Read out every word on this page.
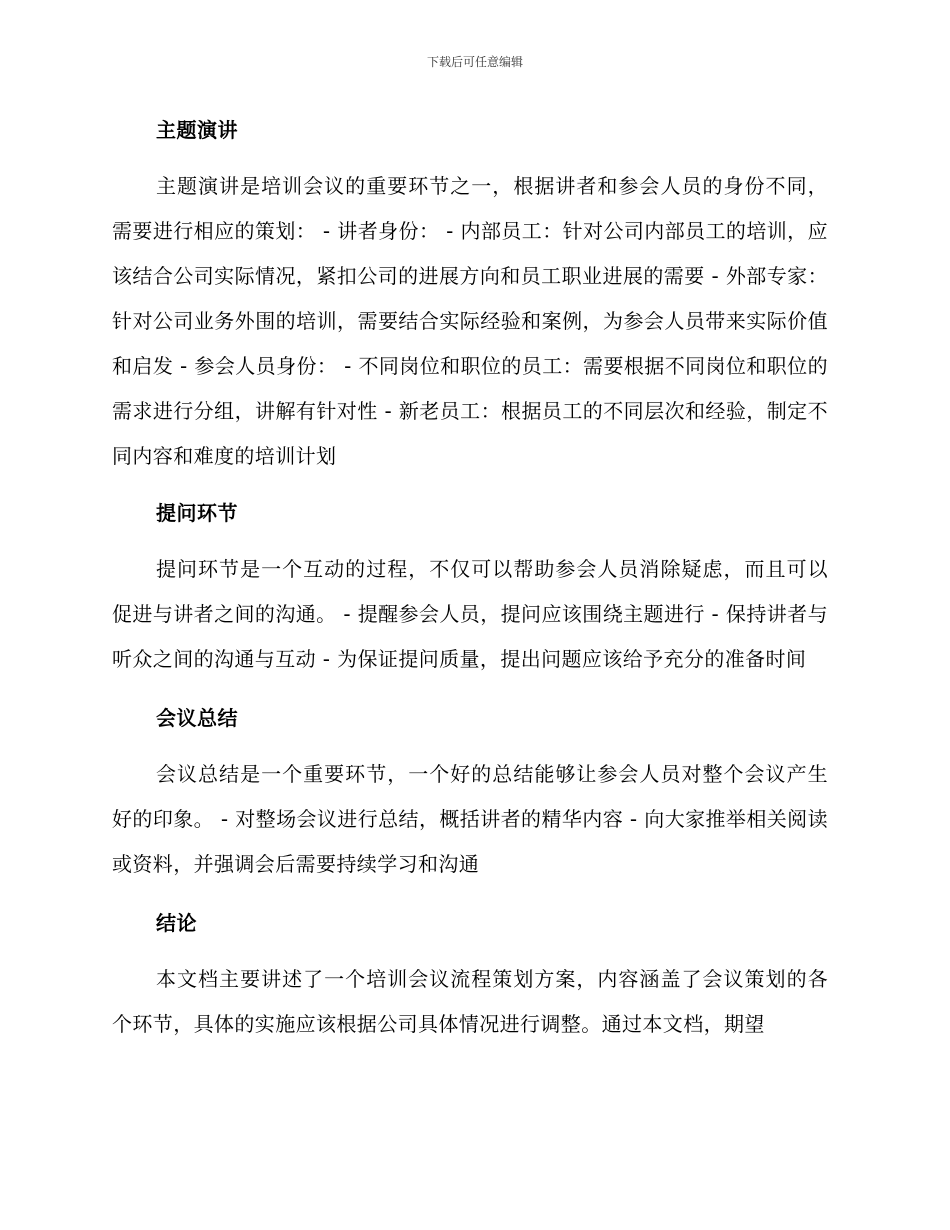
下载后可任意编辑
主题演讲

主题演讲是培训会议的重要环节之一，根据讲者和参会人员的身份不同，需要进行相应的策划： - 讲者身份： - 内部员工：针对公司内部员工的培训，应该结合公司实际情况，紧扣公司的进展方向和员工职业进展的需要 - 外部专家：针对公司业务外围的培训，需要结合实际经验和案例，为参会人员带来实际价值和启发 - 参会人员身份： - 不同岗位和职位的员工：需要根据不同岗位和职位的需求进行分组，讲解有针对性 - 新老员工：根据员工的不同层次和经验，制定不同内容和难度的培训计划

提问环节

提问环节是一个互动的过程，不仅可以帮助参会人员消除疑虑，而且可以促进与讲者之间的沟通。 - 提醒参会人员，提问应该围绕主题进行 - 保持讲者与听众之间的沟通与互动 - 为保证提问质量，提出问题应该给予充分的准备时间

会议总结

会议总结是一个重要环节，一个好的总结能够让参会人员对整个会议产生好的印象。 - 对整场会议进行总结，概括讲者的精华内容 - 向大家推举相关阅读或资料，并强调会后需要持续学习和沟通

结论

本文档主要讲述了一个培训会议流程策划方案，内容涵盖了会议策划的各个环节，具体的实施应该根据公司具体情况进行调整。通过本文档，期望
